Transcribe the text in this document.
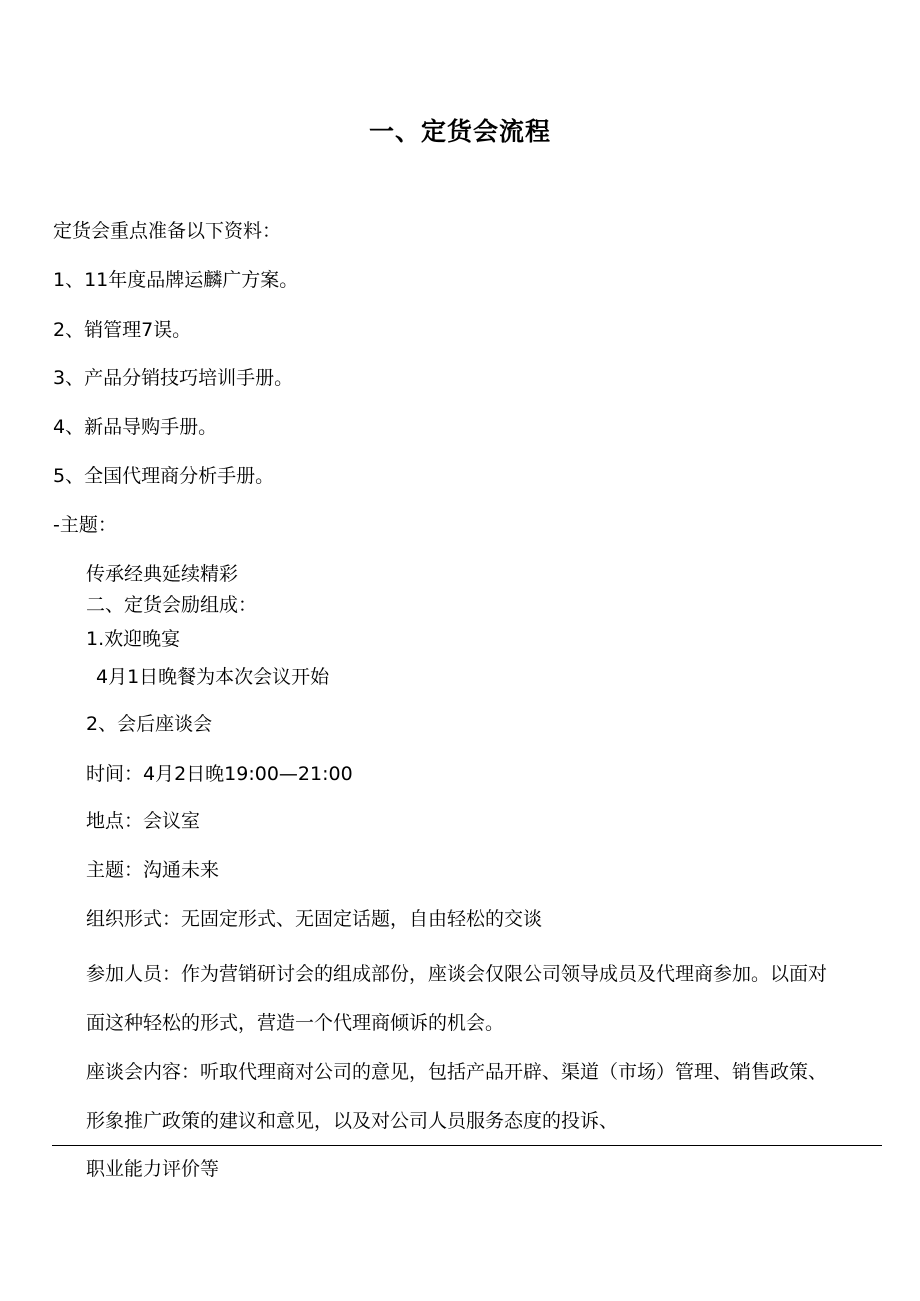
一、定货会流程

定货会重点准备以下资料：

1、11年度品牌运麟广方案。

2、销管理7误。

3、产品分销技巧培训手册。

4、新品导购手册。

5、全国代理商分析手册。

-主题：

传承经典延续精彩

二、定货会励组成：

1.欢迎晚宴

4月1日晚餐为本次会议开始

2、会后座谈会

时间：4月2日晚19:00—21:00

地点：会议室

主题：沟通未来

组织形式：无固定形式、无固定话题，自由轻松的交谈

参加人员：作为营销研讨会的组成部份，座谈会仅限公司领导成员及代理商参加。以面对

面这种轻松的形式，营造一个代理商倾诉的机会。

座谈会内容：听取代理商对公司的意见，包括产品开辟、渠道（市场）管理、销售政策、

形象推广政策的建议和意见，以及对公司人员服务态度的投诉、

职业能力评价等
